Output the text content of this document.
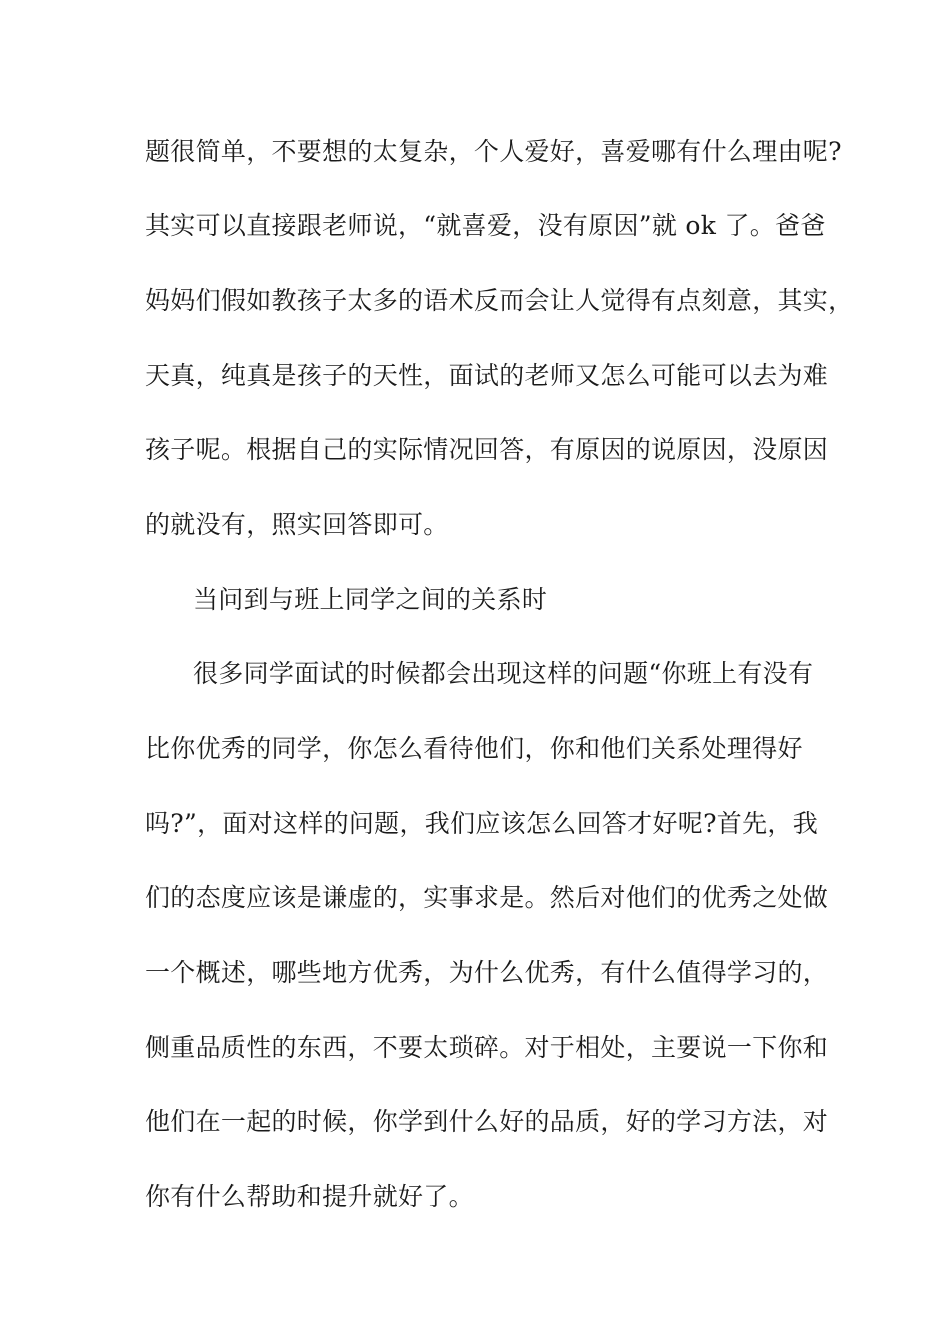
题很简单，不要想的太复杂，个人爱好，喜爱哪有什么理由呢?
其实可以直接跟老师说，“就喜爱，没有原因”就 ok 了。爸爸
妈妈们假如教孩子太多的语术反而会让人觉得有点刻意，其实，
天真，纯真是孩子的天性，面试的老师又怎么可能可以去为难
孩子呢。根据自己的实际情况回答，有原因的说原因，没原因
的就没有，照实回答即可。
当问到与班上同学之间的关系时
很多同学面试的时候都会出现这样的问题“你班上有没有
比你优秀的同学，你怎么看待他们，你和他们关系处理得好
吗?”，面对这样的问题，我们应该怎么回答才好呢?首先，我
们的态度应该是谦虚的，实事求是。然后对他们的优秀之处做
一个概述，哪些地方优秀，为什么优秀，有什么值得学习的，
侧重品质性的东西，不要太琐碎。对于相处，主要说一下你和
他们在一起的时候，你学到什么好的品质，好的学习方法，对
你有什么帮助和提升就好了。
